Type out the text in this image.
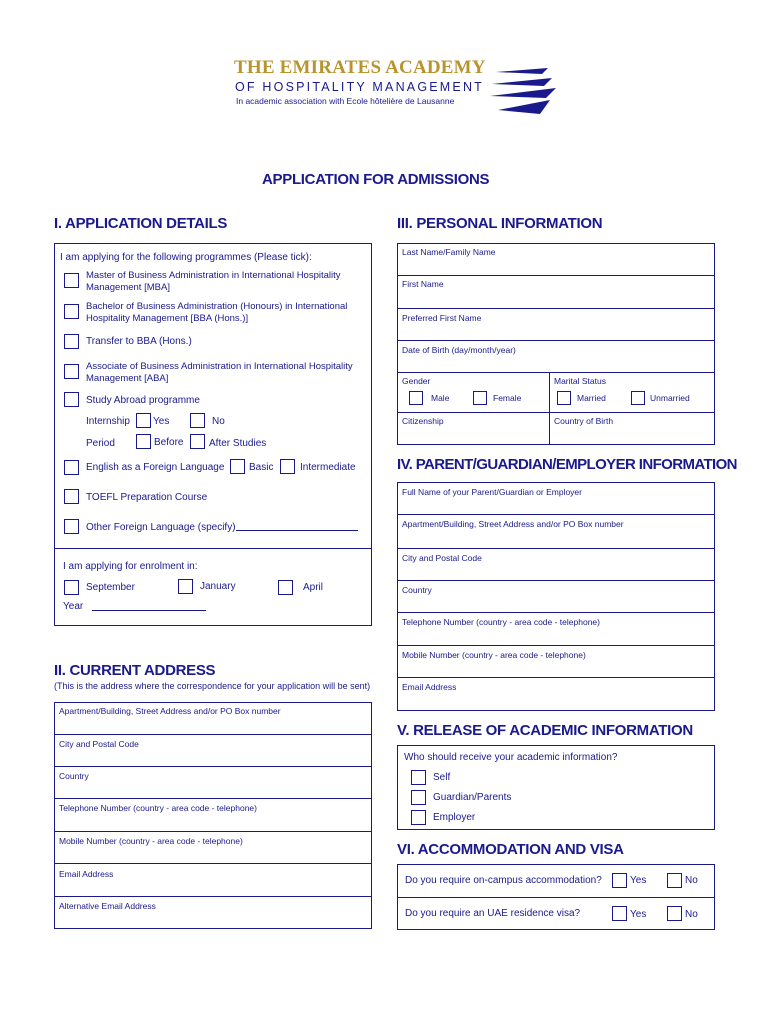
THE EMIRATES ACADEMY
OF HOSPITALITY MANAGEMENT
In academic association with Ecole hôtelière de Lausanne
APPLICATION FOR ADMISSIONS
I. APPLICATION DETAILS
I am applying for the following programmes (Please tick):
Master of Business Administration in International Hospitality
Management [MBA]
Bachelor of Business Administration (Honours) in International
Hospitality Management [BBA (Hons.)]
Transfer to BBA (Hons.)
Associate of Business Administration in International Hospitality
Management [ABA]
Study Abroad programme
Internship Yes	No
Period	Before	After Studies
English as a Foreign Language Basic	Intermediate
TOEFL Preparation Course
Other Foreign Language (specify)
I am applying for enrolment in:
September	January	April
Year
II. CURRENT ADDRESS
(This is the address where the correspondence for your application will be sent)
Apartment/Building, Street Address and/or PO Box number
City and Postal Code
Country
Telephone Number (country - area code - telephone)
Mobile Number (country - area code - telephone)
Email Address
Alternative Email Address
III. PERSONAL INFORMATION
Last Name/Family Name
First Name
Preferred First Name
Date of Birth (day/month/year)
Gender
Male	Female
Marital Status
Married	Unmarried
Citizenship	Country of Birth
IV. PARENT/GUARDIAN/EMPLOYER INFORMATION
Full Name of your Parent/Guardian or Employer
Apartment/Building, Street Address and/or PO Box number
City and Postal Code
Country
Telephone Number (country - area code - telephone)
Mobile Number (country - area code - telephone)
Email Address
V. RELEASE OF ACADEMIC INFORMATION
Who should receive your academic information?
Self
Guardian/Parents
Employer
VI. ACCOMMODATION AND VISA
Do you require on-campus accommodation?	Yes	No
Do you require an UAE residence visa?	Yes	No
